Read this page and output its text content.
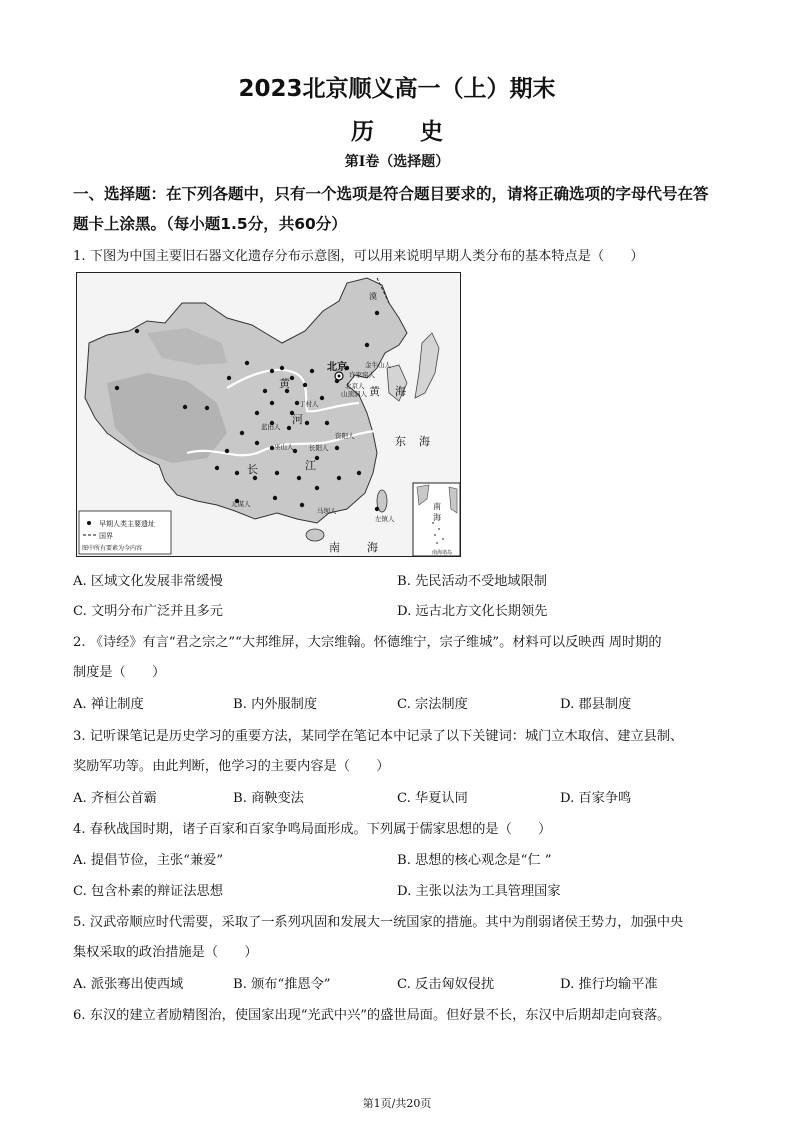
2023北京顺义高一（上）期末
历　　史
第Ⅰ卷（选择题）
一、选择题：在下列各题中，只有一个选项是符合题目要求的，请将正确选项的字母代号在答
题卡上涂黑。（每小题1.5分，共60分）
1. 下图为中国主要旧石器文化遗存分布示意图，可以用来说明早期人类分布的基本特点是（　　）
北京
黄
河
长	江
黄 海
东 海
南 海
南
海
南海诸岛
漠
金牛山人
北京人
山顶洞人
丁村人
蓝田人
巫山人 长阳人
元谋人
马坝人
左镇人
资阳人
许家窑人
早期人类主要遗址
国界
图中所有要素为今内容
A. 区域文化发展非常缓慢	B. 先民活动不受地域限制
C. 文明分布广泛并且多元	D. 远古北方文化长期领先
2. 《诗经》有言“君之宗之”“大邦维屏，大宗维翰。怀德维宁，宗子维城”。材料可以反映西 周时期的
制度是（　　）
A. 禅让制度	B. 内外服制度	C. 宗法制度	D. 郡县制度
3. 记听课笔记是历史学习的重要方法，某同学在笔记本中记录了以下关键词：城门立木取信、建立县制、
奖励军功等。由此判断，他学习的主要内容是（　　）
A. 齐桓公首霸	B. 商鞅变法	C. 华夏认同	D. 百家争鸣
4. 春秋战国时期，诸子百家和百家争鸣局面形成。下列属于儒家思想的是（　　）
A. 提倡节俭，主张“兼爱”	B. 思想的核心观念是“仁 ”
C. 包含朴素的辩证法思想	D. 主张以法为工具管理国家
5. 汉武帝顺应时代需要，采取了一系列巩固和发展大一统国家的措施。其中为削弱诸侯王势力，加强中央
集权采取的政治措施是（　　）
A. 派张骞出使西域	B. 颁布“推恩令”	C. 反击匈奴侵扰	D. 推行均输平准
6. 东汉的建立者励精图治，使国家出现“光武中兴”的盛世局面。但好景不长，东汉中后期却走向衰落。
第1页/共20页
